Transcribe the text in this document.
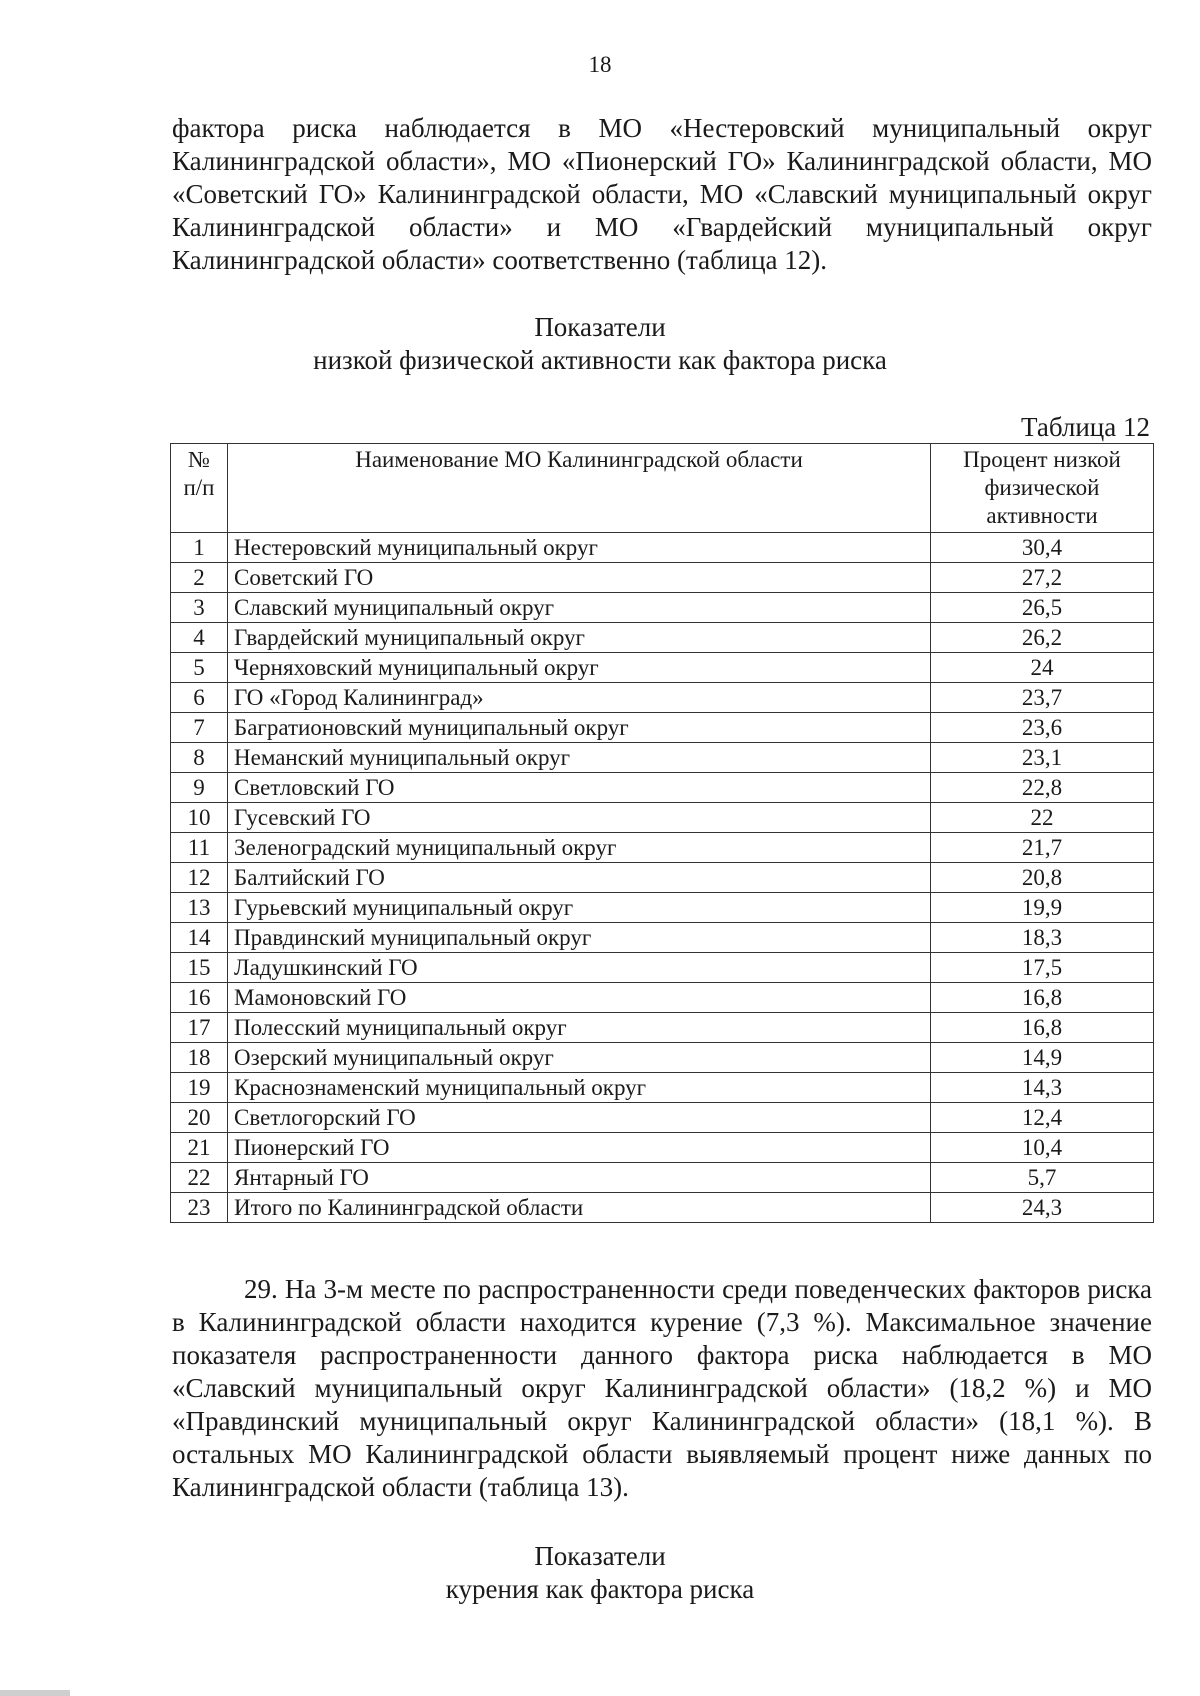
18

фактора риска наблюдается в МО «Нестеровский муниципальный округ Калининградской области», МО «Пионерский ГО» Калининградской области, МО «Советский ГО» Калининградской области, МО «Славский муниципальный округ Калининградской области» и МО «Гвардейский муниципальный округ Калининградской области» соответственно (таблица 12).

Показатели
низкой физической активности как фактора риска
Таблица 12
№ п/п	Наименование МО Калининградской области	Процент низкой физической активности
1	Нестеровский муниципальный округ	30,4
2	Советский ГО	27,2
3	Славский муниципальный округ	26,5
4	Гвардейский муниципальный округ	26,2
5	Черняховский муниципальный округ	24
6	ГО «Город Калининград»	23,7
7	Багратионовский муниципальный округ	23,6
8	Неманский муниципальный округ	23,1
9	Светловский ГО	22,8
10	Гусевский ГО	22
11	Зеленоградский муниципальный округ	21,7
12	Балтийский ГО	20,8
13	Гурьевский муниципальный округ	19,9
14	Правдинский муниципальный округ	18,3
15	Ладушкинский ГО	17,5
16	Мамоновский ГО	16,8
17	Полесский муниципальный округ	16,8
18	Озерский муниципальный округ	14,9
19	Краснознаменский муниципальный округ	14,3
20	Светлогорский ГО	12,4
21	Пионерский ГО	10,4
22	Янтарный ГО	5,7
23	Итого по Калининградской области	24,3

29. На 3-м месте по распространенности среди поведенческих факторов риска в Калининградской области находится курение (7,3 %). Максимальное значение показателя распространенности данного фактора риска наблюдается в МО «Славский муниципальный округ Калининградской области» (18,2 %) и МО «Правдинский муниципальный округ Калининградской области» (18,1 %). В остальных МО Калининградской области выявляемый процент ниже данных по Калининградской области (таблица 13).

Показатели
курения как фактора риска
